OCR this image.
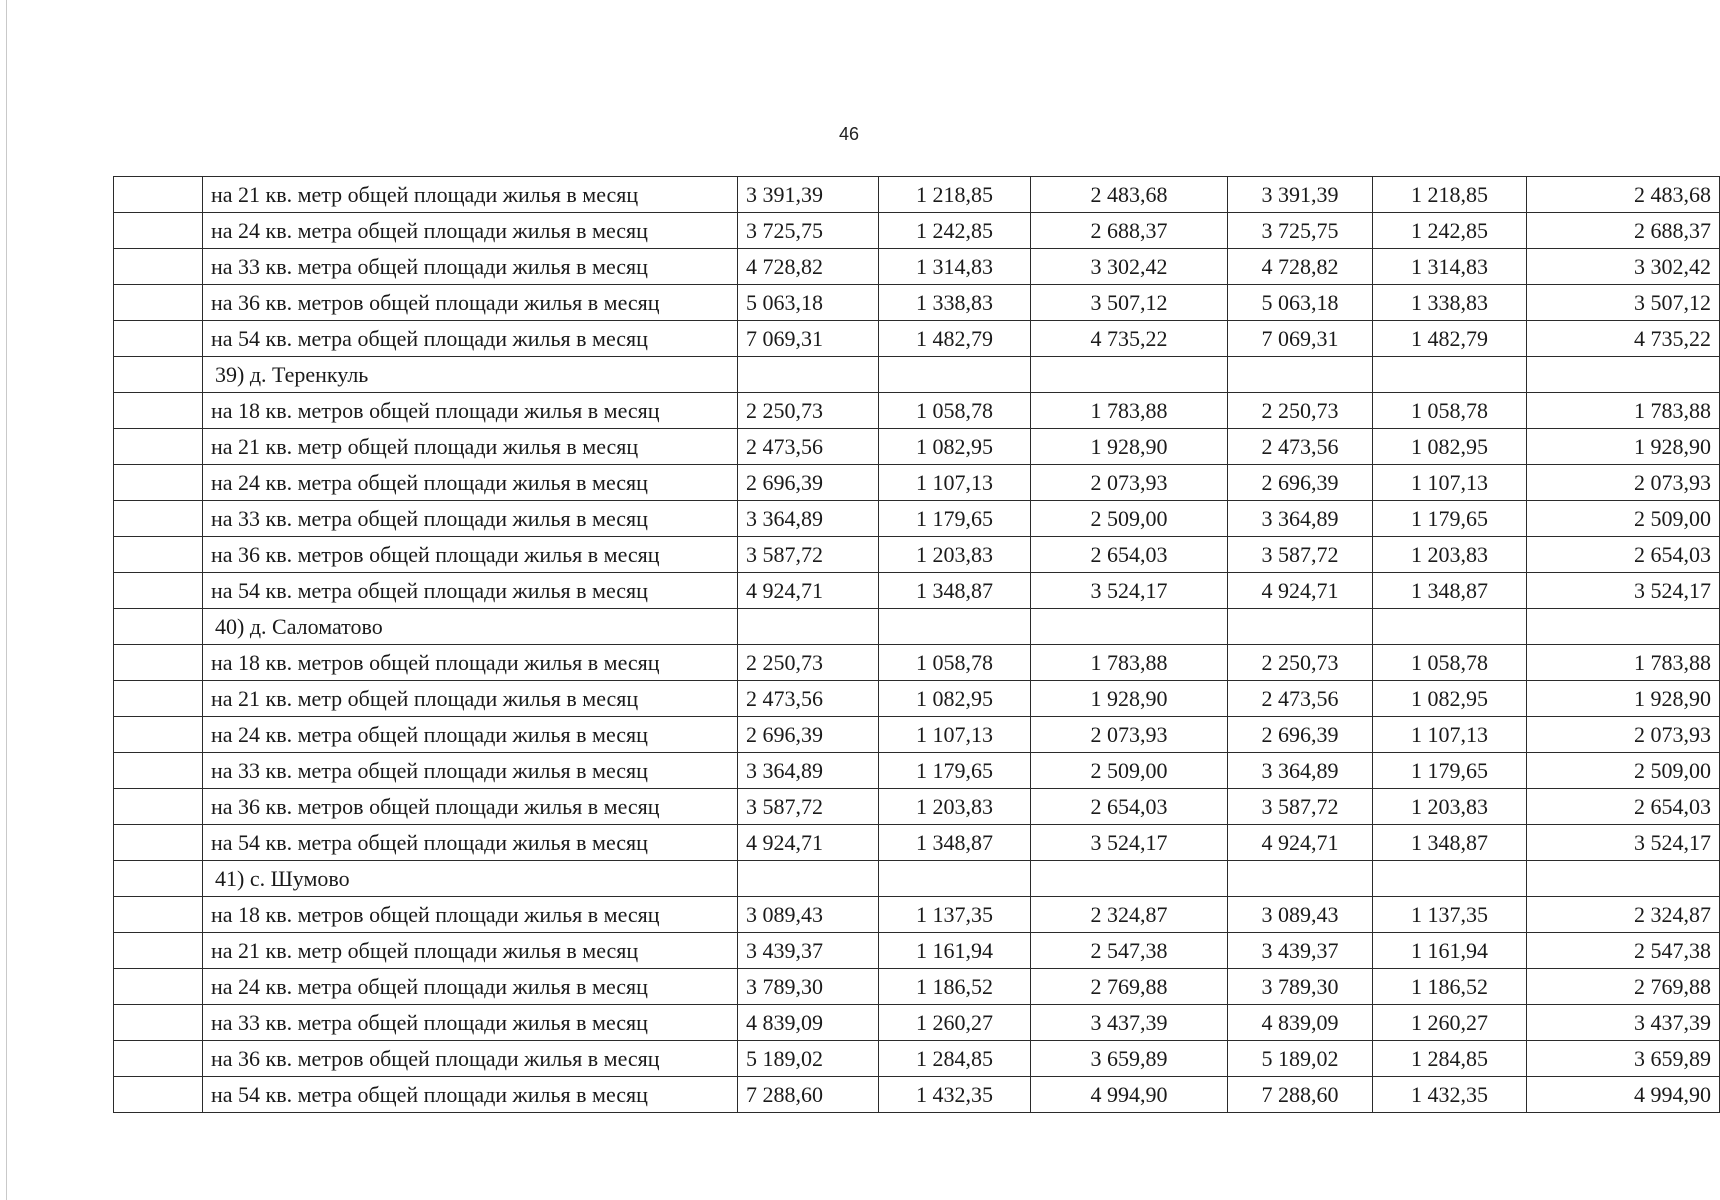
46
	на 21 кв. метр общей площади жилья в месяц	3 391,39	1 218,85	2 483,68	3 391,39	1 218,85	2 483,68
	на 24 кв. метра общей площади жилья в месяц	3 725,75	1 242,85	2 688,37	3 725,75	1 242,85	2 688,37
	на 33 кв. метра общей площади жилья в месяц	4 728,82	1 314,83	3 302,42	4 728,82	1 314,83	3 302,42
	на 36 кв. метров общей площади жилья в месяц	5 063,18	1 338,83	3 507,12	5 063,18	1 338,83	3 507,12
	на 54 кв. метра общей площади жилья в месяц	7 069,31	1 482,79	4 735,22	7 069,31	1 482,79	4 735,22
	39) д. Теренкуль						
	на 18 кв. метров общей площади жилья в месяц	2 250,73	1 058,78	1 783,88	2 250,73	1 058,78	1 783,88
	на 21 кв. метр общей площади жилья в месяц	2 473,56	1 082,95	1 928,90	2 473,56	1 082,95	1 928,90
	на 24 кв. метра общей площади жилья в месяц	2 696,39	1 107,13	2 073,93	2 696,39	1 107,13	2 073,93
	на 33 кв. метра общей площади жилья в месяц	3 364,89	1 179,65	2 509,00	3 364,89	1 179,65	2 509,00
	на 36 кв. метров общей площади жилья в месяц	3 587,72	1 203,83	2 654,03	3 587,72	1 203,83	2 654,03
	на 54 кв. метра общей площади жилья в месяц	4 924,71	1 348,87	3 524,17	4 924,71	1 348,87	3 524,17
	40) д. Саломатово						
	на 18 кв. метров общей площади жилья в месяц	2 250,73	1 058,78	1 783,88	2 250,73	1 058,78	1 783,88
	на 21 кв. метр общей площади жилья в месяц	2 473,56	1 082,95	1 928,90	2 473,56	1 082,95	1 928,90
	на 24 кв. метра общей площади жилья в месяц	2 696,39	1 107,13	2 073,93	2 696,39	1 107,13	2 073,93
	на 33 кв. метра общей площади жилья в месяц	3 364,89	1 179,65	2 509,00	3 364,89	1 179,65	2 509,00
	на 36 кв. метров общей площади жилья в месяц	3 587,72	1 203,83	2 654,03	3 587,72	1 203,83	2 654,03
	на 54 кв. метра общей площади жилья в месяц	4 924,71	1 348,87	3 524,17	4 924,71	1 348,87	3 524,17
	41) с. Шумово						
	на 18 кв. метров общей площади жилья в месяц	3 089,43	1 137,35	2 324,87	3 089,43	1 137,35	2 324,87
	на 21 кв. метр общей площади жилья в месяц	3 439,37	1 161,94	2 547,38	3 439,37	1 161,94	2 547,38
	на 24 кв. метра общей площади жилья в месяц	3 789,30	1 186,52	2 769,88	3 789,30	1 186,52	2 769,88
	на 33 кв. метра общей площади жилья в месяц	4 839,09	1 260,27	3 437,39	4 839,09	1 260,27	3 437,39
	на 36 кв. метров общей площади жилья в месяц	5 189,02	1 284,85	3 659,89	5 189,02	1 284,85	3 659,89
	на 54 кв. метра общей площади жилья в месяц	7 288,60	1 432,35	4 994,90	7 288,60	1 432,35	4 994,90
